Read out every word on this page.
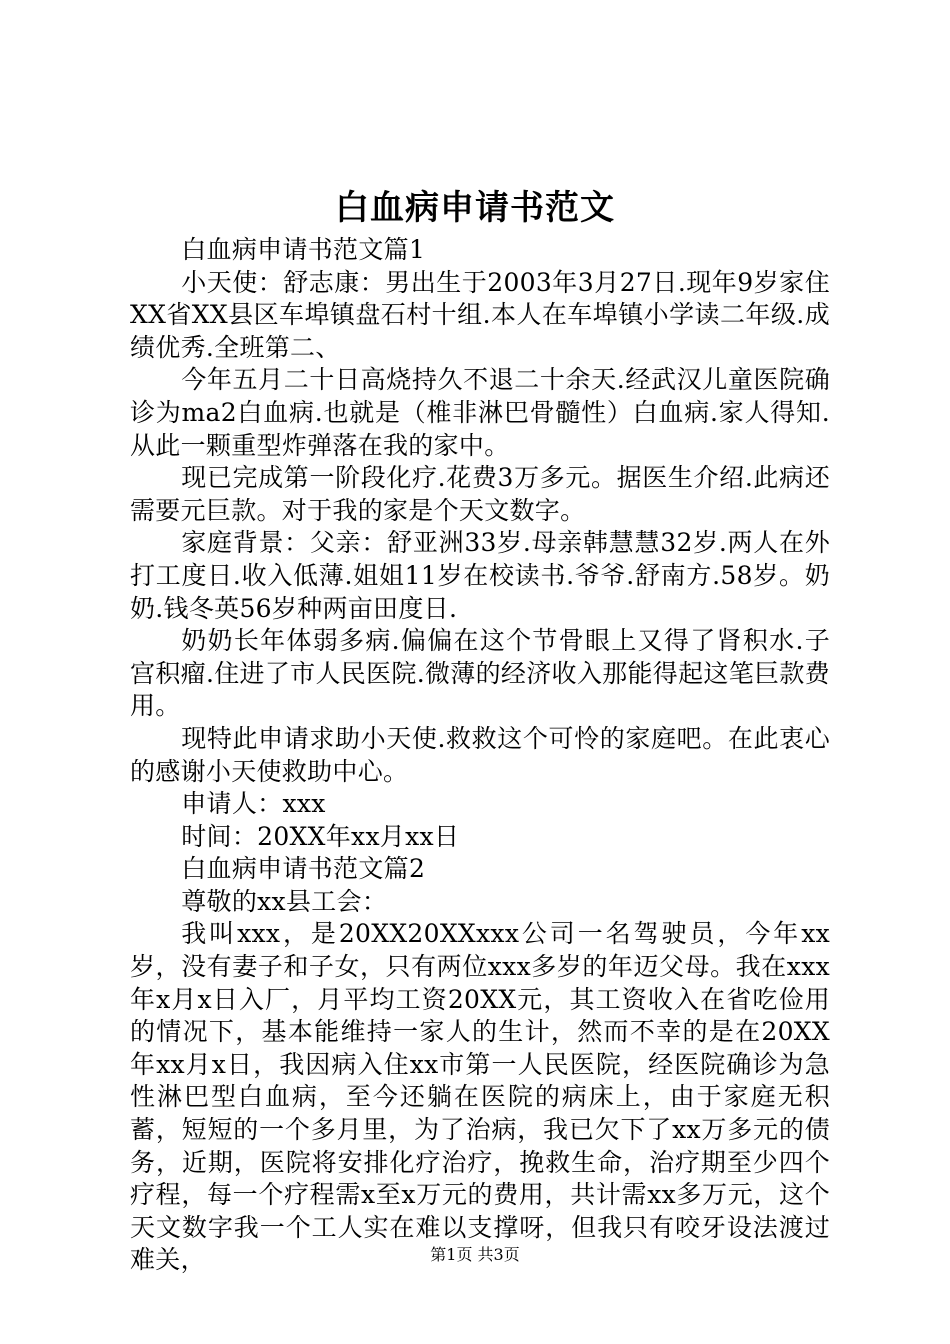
白血病申请书范文

白血病申请书范文篇1

小天使：舒志康：男出生于2003年3月27日.现年9岁家住XX省XX县区车埠镇盘石村十组.本人在车埠镇小学读二年级.成绩优秀.全班第二、

今年五月二十日高烧持久不退二十余天.经武汉儿童医院确诊为ma2白血病.也就是（椎非淋巴骨髓性）白血病.家人得知.从此一颗重型炸弹落在我的家中。

现已完成第一阶段化疗.花费3万多元。据医生介绍.此病还需要元巨款。对于我的家是个天文数字。

家庭背景：父亲：舒亚洲33岁.母亲韩慧慧32岁.两人在外打工度日.收入低薄.姐姐11岁在校读书.爷爷.舒南方.58岁。奶奶.钱冬英56岁种两亩田度日.

奶奶长年体弱多病.偏偏在这个节骨眼上又得了肾积水.子宫积瘤.住进了市人民医院.微薄的经济收入那能得起这笔巨款费用。

现特此申请求助小天使.救救这个可怜的家庭吧。在此衷心的感谢小天使救助中心。

申请人：xxx

时间：20XX年xx月xx日

白血病申请书范文篇2

尊敬的xx县工会：

我叫xxx，是20XX20XXxxx公司一名驾驶员，今年xx岁，没有妻子和子女，只有两位xxx多岁的年迈父母。我在xxx年x月x日入厂，月平均工资20XX元，其工资收入在省吃俭用的情况下，基本能维持一家人的生计，然而不幸的是在20XX年xx月x日，我因病入住xx市第一人民医院，经医院确诊为急性淋巴型白血病，至今还躺在医院的病床上，由于家庭无积蓄，短短的一个多月里，为了治病，我已欠下了xx万多元的债务，近期，医院将安排化疗治疗，挽救生命，治疗期至少四个疗程，每一个疗程需x至x万元的费用，共计需xx多万元，这个天文数字我一个工人实在难以支撑呀，但我只有咬牙设法渡过难关，	第1页 共3页
